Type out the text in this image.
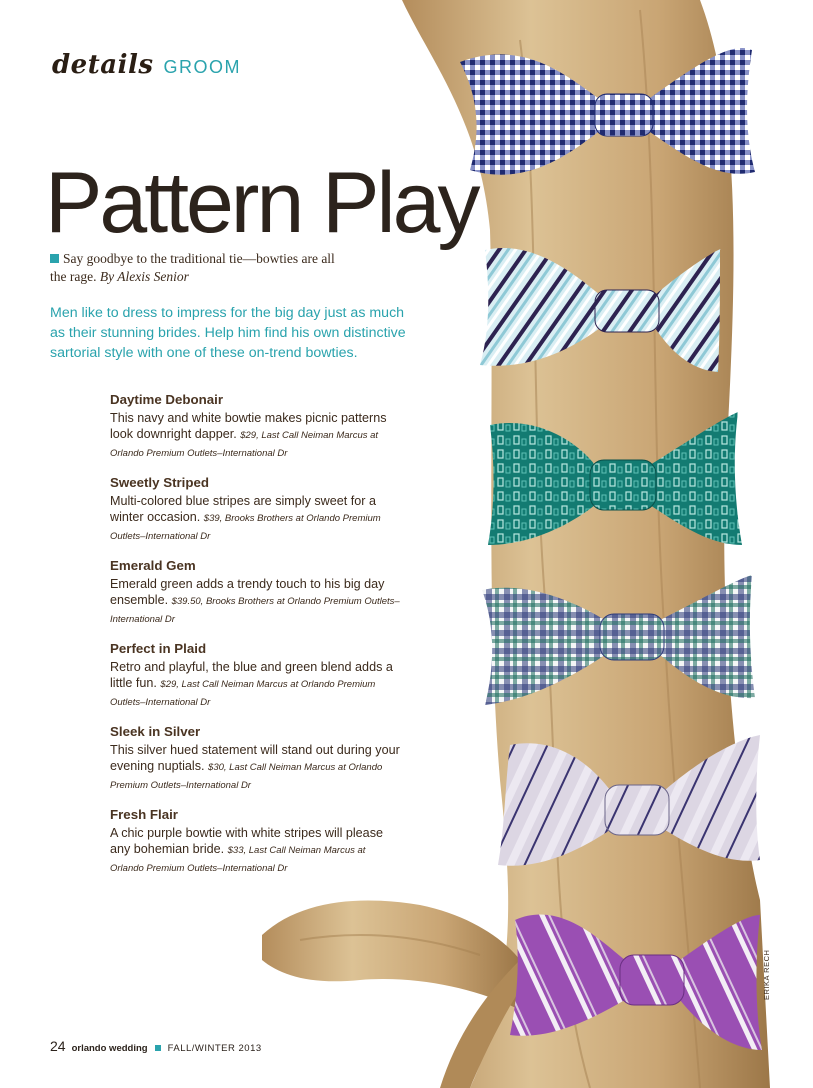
details GROOM
Pattern Play

Say goodbye to the traditional tie—bowties are all the rage. By Alexis Senior

Men like to dress to impress for the big day just as much as their stunning brides. Help him find his own distinctive sartorial style with one of these on-trend bowties.

Daytime Debonair
This navy and white bowtie makes picnic patterns look downright dapper. $29, Last Call Neiman Marcus at Orlando Premium Outlets–International Dr
Sweetly Striped
Multi-colored blue stripes are simply sweet for a winter occasion. $39, Brooks Brothers at Orlando Premium Outlets–International Dr
Emerald Gem
Emerald green adds a trendy touch to his big day ensemble. $39.50, Brooks Brothers at Orlando Premium Outlets–International Dr
Perfect in Plaid
Retro and playful, the blue and green blend adds a little fun. $29, Last Call Neiman Marcus at Orlando Premium Outlets–International Dr
Sleek in Silver
This silver hued statement will stand out during your evening nuptials. $30, Last Call Neiman Marcus at Orlando Premium Outlets–International Dr
Fresh Flair
A chic purple bowtie with white stripes will please any bohemian bride. $33, Last Call Neiman Marcus at Orlando Premium Outlets–International Dr
ERIKA RECH
24 orlando wedding FALL/WINTER 2013
